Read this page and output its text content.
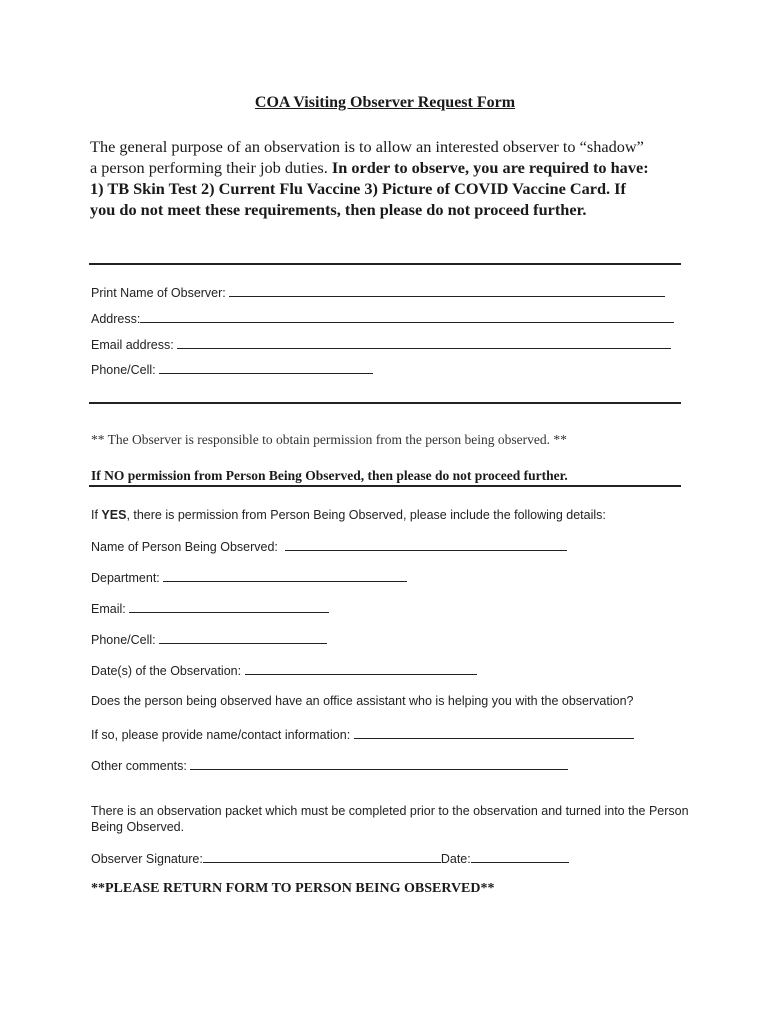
COA Visiting Observer Request Form
The general purpose of an observation is to allow an interested observer to “shadow” a person performing their job duties. In order to observe, you are required to have: 1) TB Skin Test 2) Current Flu Vaccine 3) Picture of COVID Vaccine Card. If you do not meet these requirements, then please do not proceed further.
Print Name of Observer:
Address:
Email address:
Phone/Cell:
** The Observer is responsible to obtain permission from the person being observed. **
If NO permission from Person Being Observed, then please do not proceed further.
If YES, there is permission from Person Being Observed, please include the following details:
Name of Person Being Observed:
Department:
Email:
Phone/Cell:
Date(s) of the Observation:
Does the person being observed have an office assistant who is helping you with the observation?
If so, please provide name/contact information:
Other comments:
There is an observation packet which must be completed prior to the observation and turned into the Person Being Observed.
Observer Signature:	Date:
**PLEASE RETURN FORM TO PERSON BEING OBSERVED**
